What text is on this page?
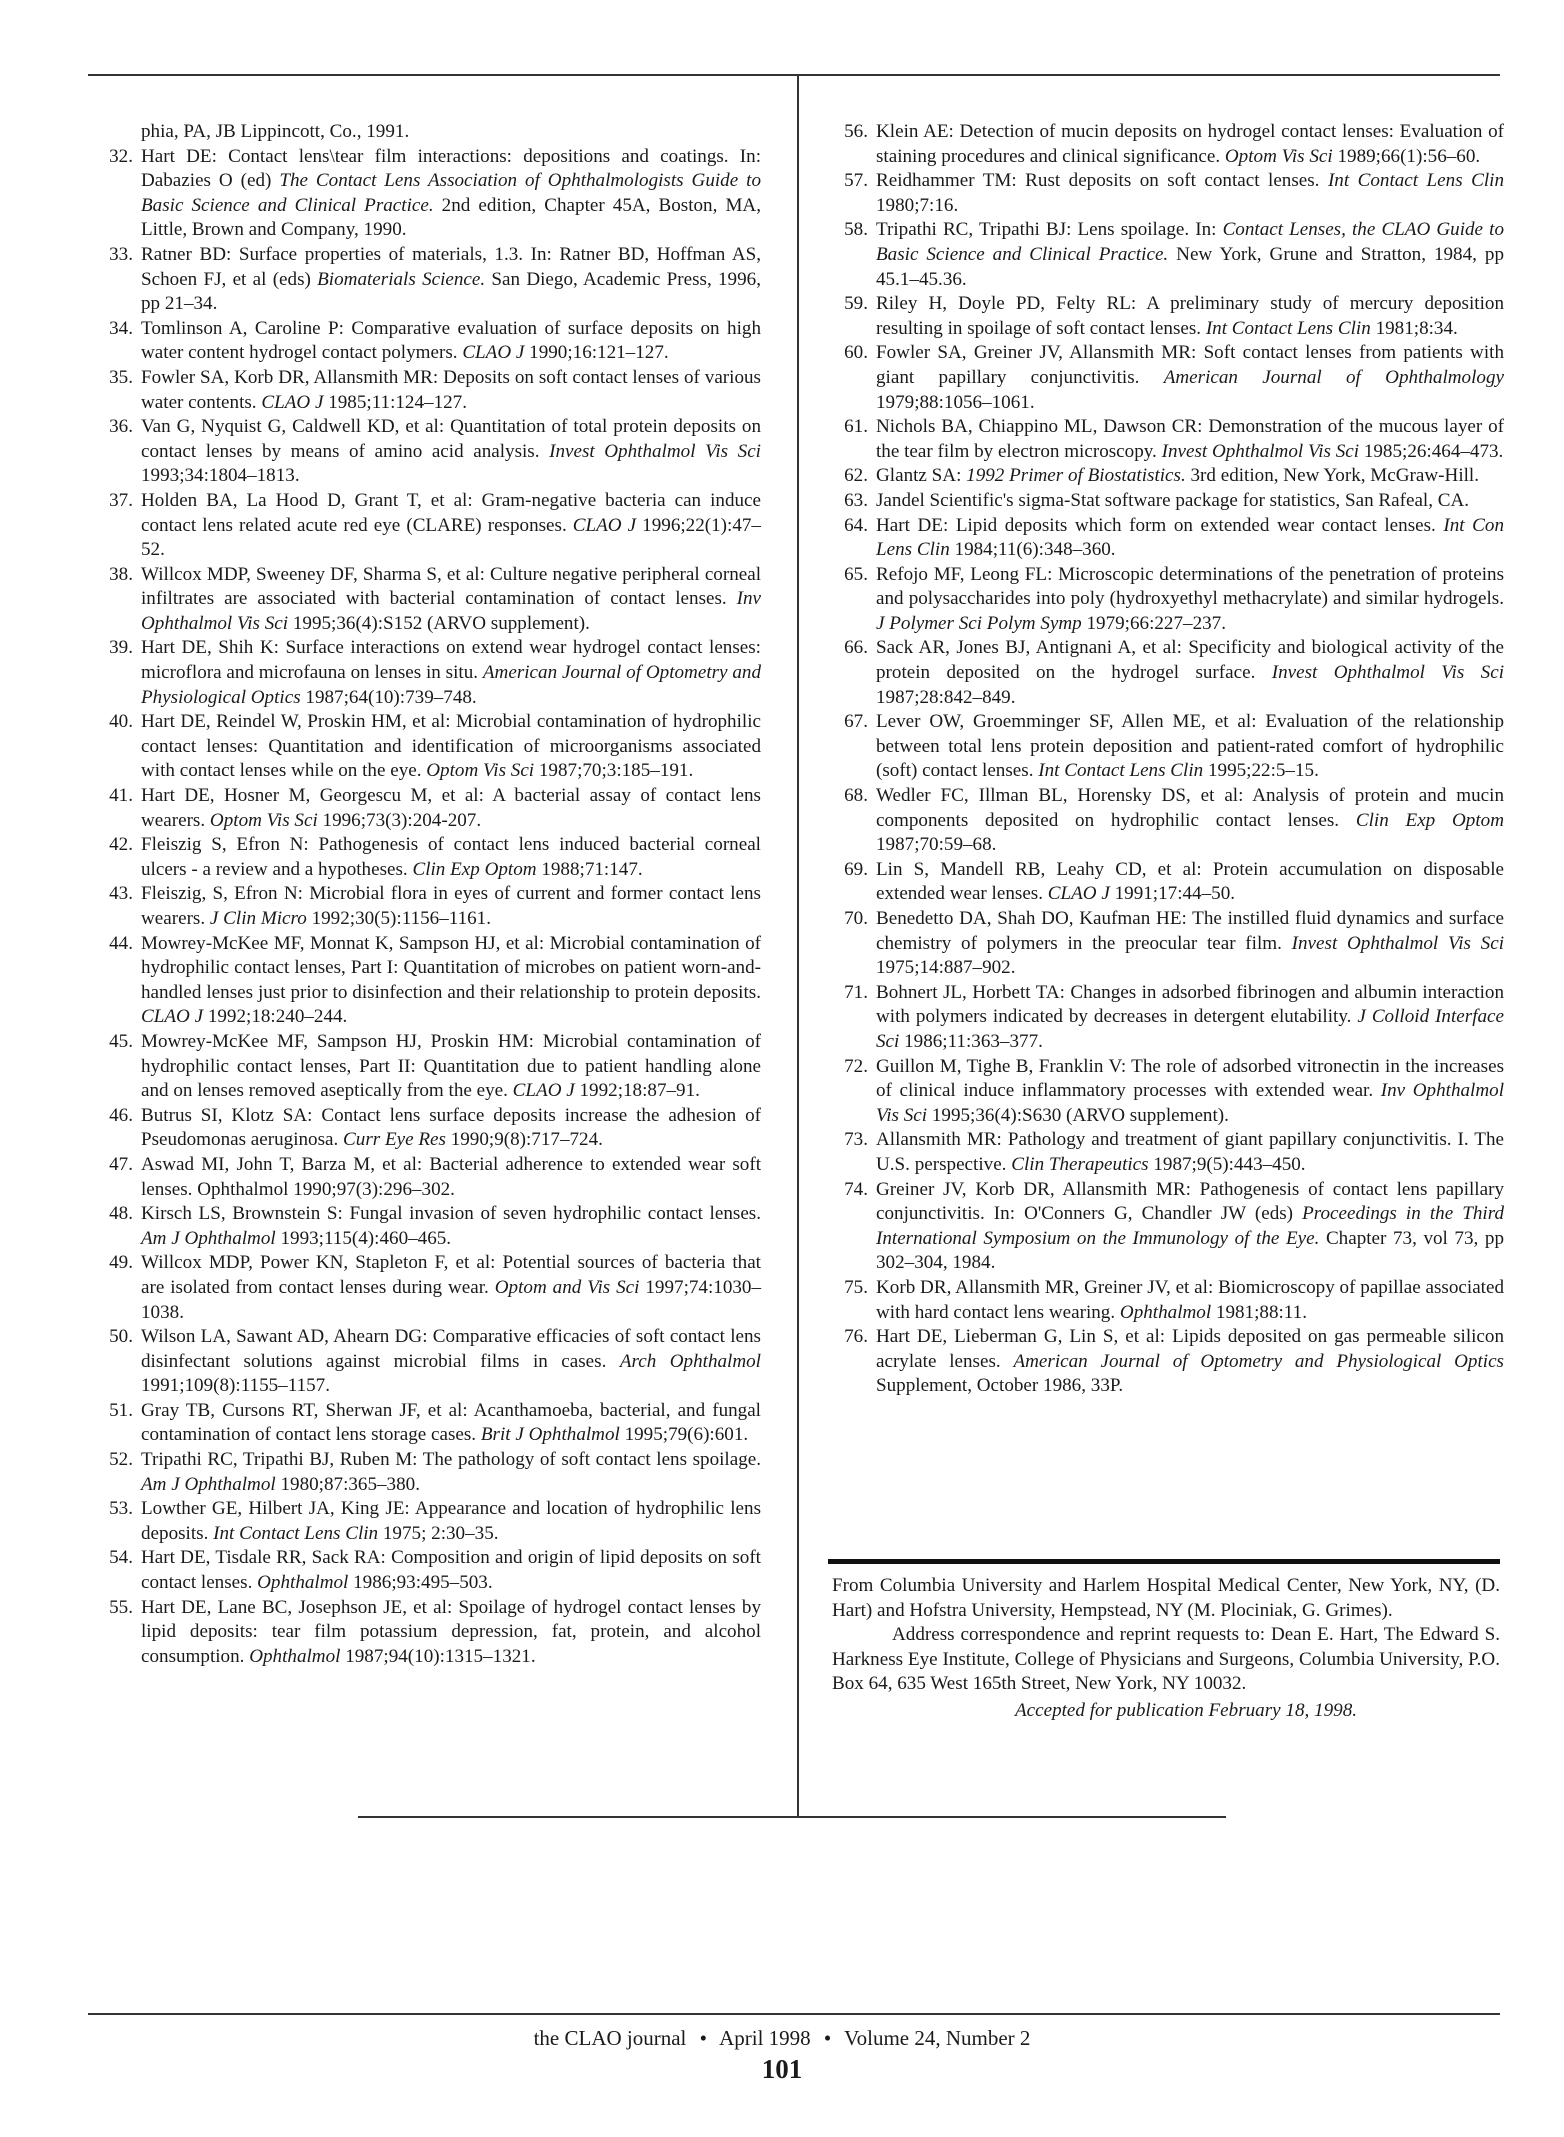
phia, PA, JB Lippincott, Co., 1991.
32. Hart DE: Contact lens\tear film interactions: depositions and coatings. In: Dabazies O (ed) The Contact Lens Association of Ophthalmologists Guide to Basic Science and Clinical Practice. 2nd edition, Chapter 45A, Boston, MA, Little, Brown and Company, 1990.
33. Ratner BD: Surface properties of materials, 1.3. In: Ratner BD, Hoffman AS, Schoen FJ, et al (eds) Biomaterials Science. San Diego, Academic Press, 1996, pp 21–34.
34. Tomlinson A, Caroline P: Comparative evaluation of surface deposits on high water content hydrogel contact polymers. CLAO J 1990;16:121–127.
35. Fowler SA, Korb DR, Allansmith MR: Deposits on soft contact lenses of various water contents. CLAO J 1985;11:124–127.
36. Van G, Nyquist G, Caldwell KD, et al: Quantitation of total protein deposits on contact lenses by means of amino acid analysis. Invest Ophthalmol Vis Sci 1993;34:1804–1813.
37. Holden BA, La Hood D, Grant T, et al: Gram-negative bacteria can induce contact lens related acute red eye (CLARE) responses. CLAO J 1996;22(1):47–52.
38. Willcox MDP, Sweeney DF, Sharma S, et al: Culture negative peripheral corneal infiltrates are associated with bacterial contamination of contact lenses. Inv Ophthalmol Vis Sci 1995;36(4):S152 (ARVO supplement).
39. Hart DE, Shih K: Surface interactions on extend wear hydrogel contact lenses: microflora and microfauna on lenses in situ. American Journal of Optometry and Physiological Optics 1987;64(10):739–748.
40. Hart DE, Reindel W, Proskin HM, et al: Microbial contamination of hydrophilic contact lenses: Quantitation and identification of microorganisms associated with contact lenses while on the eye. Optom Vis Sci 1987;70;3:185–191.
41. Hart DE, Hosner M, Georgescu M, et al: A bacterial assay of contact lens wearers. Optom Vis Sci 1996;73(3):204-207.
42. Fleiszig S, Efron N: Pathogenesis of contact lens induced bacterial corneal ulcers - a review and a hypotheses. Clin Exp Optom 1988;71:147.
43. Fleiszig, S, Efron N: Microbial flora in eyes of current and former contact lens wearers. J Clin Micro 1992;30(5):1156–1161.
44. Mowrey-McKee MF, Monnat K, Sampson HJ, et al: Microbial contamination of hydrophilic contact lenses, Part I: Quantitation of microbes on patient worn-and-handled lenses just prior to disinfection and their relationship to protein deposits. CLAO J 1992;18:240–244.
45. Mowrey-McKee MF, Sampson HJ, Proskin HM: Microbial contamination of hydrophilic contact lenses, Part II: Quantitation due to patient handling alone and on lenses removed aseptically from the eye. CLAO J 1992;18:87–91.
46. Butrus SI, Klotz SA: Contact lens surface deposits increase the adhesion of Pseudomonas aeruginosa. Curr Eye Res 1990;9(8):717–724.
47. Aswad MI, John T, Barza M, et al: Bacterial adherence to extended wear soft lenses. Ophthalmol 1990;97(3):296–302.
48. Kirsch LS, Brownstein S: Fungal invasion of seven hydrophilic contact lenses. Am J Ophthalmol 1993;115(4):460–465.
49. Willcox MDP, Power KN, Stapleton F, et al: Potential sources of bacteria that are isolated from contact lenses during wear. Optom and Vis Sci 1997;74:1030–1038.
50. Wilson LA, Sawant AD, Ahearn DG: Comparative efficacies of soft contact lens disinfectant solutions against microbial films in cases. Arch Ophthalmol 1991;109(8):1155–1157.
51. Gray TB, Cursons RT, Sherwan JF, et al: Acanthamoeba, bacterial, and fungal contamination of contact lens storage cases. Brit J Ophthalmol 1995;79(6):601.
52. Tripathi RC, Tripathi BJ, Ruben M: The pathology of soft contact lens spoilage. Am J Ophthalmol 1980;87:365–380.
53. Lowther GE, Hilbert JA, King JE: Appearance and location of hydrophilic lens deposits. Int Contact Lens Clin 1975; 2:30–35.
54. Hart DE, Tisdale RR, Sack RA: Composition and origin of lipid deposits on soft contact lenses. Ophthalmol 1986;93:495–503.
55. Hart DE, Lane BC, Josephson JE, et al: Spoilage of hydrogel contact lenses by lipid deposits: tear film potassium depression, fat, protein, and alcohol consumption. Ophthalmol 1987;94(10):1315–1321.
56. Klein AE: Detection of mucin deposits on hydrogel contact lenses: Evaluation of staining procedures and clinical significance. Optom Vis Sci 1989;66(1):56–60.
57. Reidhammer TM: Rust deposits on soft contact lenses. Int Contact Lens Clin 1980;7:16.
58. Tripathi RC, Tripathi BJ: Lens spoilage. In: Contact Lenses, the CLAO Guide to Basic Science and Clinical Practice. New York, Grune and Stratton, 1984, pp 45.1–45.36.
59. Riley H, Doyle PD, Felty RL: A preliminary study of mercury deposition resulting in spoilage of soft contact lenses. Int Contact Lens Clin 1981;8:34.
60. Fowler SA, Greiner JV, Allansmith MR: Soft contact lenses from patients with giant papillary conjunctivitis. American Journal of Ophthalmology 1979;88:1056–1061.
61. Nichols BA, Chiappino ML, Dawson CR: Demonstration of the mucous layer of the tear film by electron microscopy. Invest Ophthalmol Vis Sci 1985;26:464–473.
62. Glantz SA: 1992 Primer of Biostatistics. 3rd edition, New York, McGraw-Hill.
63. Jandel Scientific's sigma-Stat software package for statistics, San Rafeal, CA.
64. Hart DE: Lipid deposits which form on extended wear contact lenses. Int Con Lens Clin 1984;11(6):348–360.
65. Refojo MF, Leong FL: Microscopic determinations of the penetration of proteins and polysaccharides into poly (hydroxyethyl methacrylate) and similar hydrogels. J Polymer Sci Polym Symp 1979;66:227–237.
66. Sack AR, Jones BJ, Antignani A, et al: Specificity and biological activity of the protein deposited on the hydrogel surface. Invest Ophthalmol Vis Sci 1987;28:842–849.
67. Lever OW, Groemminger SF, Allen ME, et al: Evaluation of the relationship between total lens protein deposition and patient-rated comfort of hydrophilic (soft) contact lenses. Int Contact Lens Clin 1995;22:5–15.
68. Wedler FC, Illman BL, Horensky DS, et al: Analysis of protein and mucin components deposited on hydrophilic contact lenses. Clin Exp Optom 1987;70:59–68.
69. Lin S, Mandell RB, Leahy CD, et al: Protein accumulation on disposable extended wear lenses. CLAO J 1991;17:44–50.
70. Benedetto DA, Shah DO, Kaufman HE: The instilled fluid dynamics and surface chemistry of polymers in the preocular tear film. Invest Ophthalmol Vis Sci 1975;14:887–902.
71. Bohnert JL, Horbett TA: Changes in adsorbed fibrinogen and albumin interaction with polymers indicated by decreases in detergent elutability. J Colloid Interface Sci 1986;11:363–377.
72. Guillon M, Tighe B, Franklin V: The role of adsorbed vitronectin in the increases of clinical induce inflammatory processes with extended wear. Inv Ophthalmol Vis Sci 1995;36(4):S630 (ARVO supplement).
73. Allansmith MR: Pathology and treatment of giant papillary conjunctivitis. I. The U.S. perspective. Clin Therapeutics 1987;9(5):443–450.
74. Greiner JV, Korb DR, Allansmith MR: Pathogenesis of contact lens papillary conjunctivitis. In: O'Conners G, Chandler JW (eds) Proceedings in the Third International Symposium on the Immunology of the Eye. Chapter 73, vol 73, pp 302–304, 1984.
75. Korb DR, Allansmith MR, Greiner JV, et al: Biomicroscopy of papillae associated with hard contact lens wearing. Ophthalmol 1981;88:11.
76. Hart DE, Lieberman G, Lin S, et al: Lipids deposited on gas permeable silicon acrylate lenses. American Journal of Optometry and Physiological Optics Supplement, October 1986, 33P.

From Columbia University and Harlem Hospital Medical Center, New York, NY, (D. Hart) and Hofstra University, Hempstead, NY (M. Plociniak, G. Grimes).

Address correspondence and reprint requests to: Dean E. Hart, The Edward S. Harkness Eye Institute, College of Physicians and Surgeons, Columbia University, P.O. Box 64, 635 West 165th Street, New York, NY 10032.

Accepted for publication February 18, 1998.

the CLAO journal • April 1998 • Volume 24, Number 2
101
